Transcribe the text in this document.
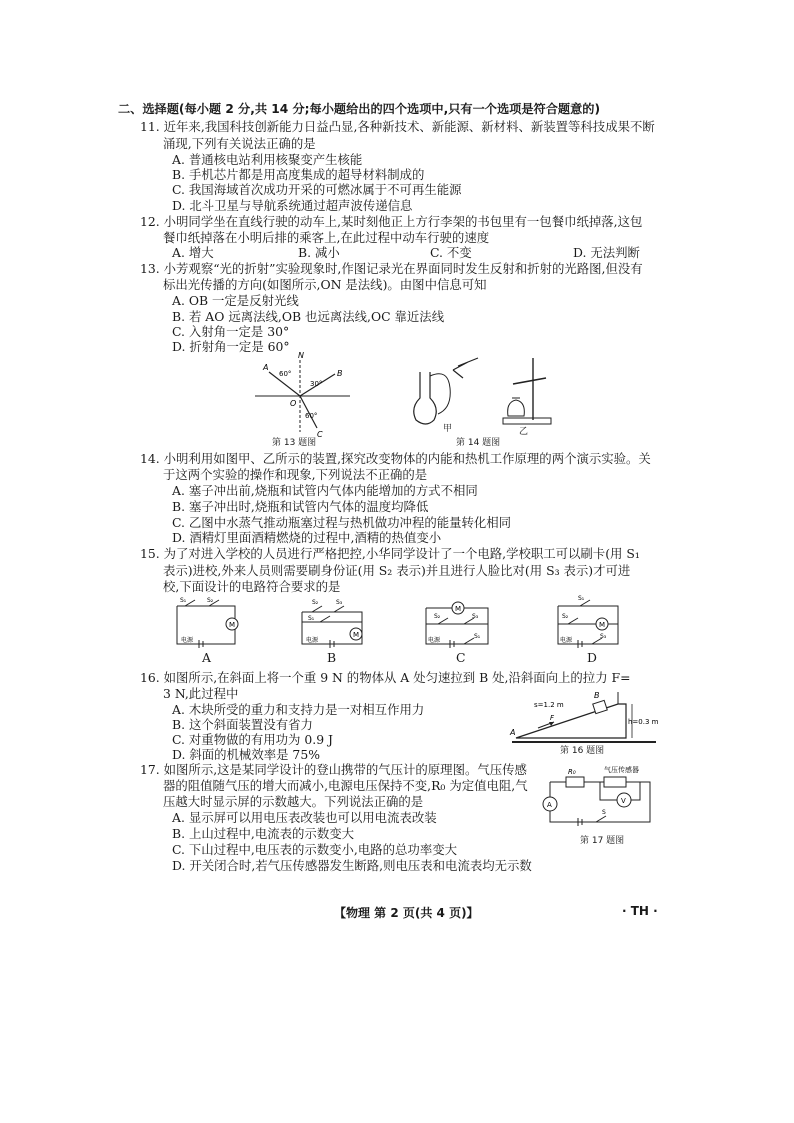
二、选择题(每小题 2 分,共 14 分;每小题给出的四个选项中,只有一个选项是符合题意的)
11. 近年来,我国科技创新能力日益凸显,各种新技术、新能源、新材料、新装置等科技成果不断
涌现,下列有关说法正确的是
A. 普通核电站利用核聚变产生核能
B. 手机芯片都是用高度集成的超导材料制成的
C. 我国海域首次成功开采的可燃冰属于不可再生能源
D. 北斗卫星与导航系统通过超声波传递信息
12. 小明同学坐在直线行驶的动车上,某时刻他正上方行李架的书包里有一包餐巾纸掉落,这包
餐巾纸掉落在小明后排的乘客上,在此过程中动车行驶的速度
A. 增大	B. 减小	C. 不变	D. 无法判断
13. 小芳观察“光的折射”实验现象时,作图记录光在界面同时发生反射和折射的光路图,但没有
标出光传播的方向(如图所示,ON 是法线)。由图中信息可知
A. OB 一定是反射光线
B. 若 AO 远离法线,OB 也远离法线,OC 靠近法线
C. 入射角一定是 30°
D. 折射角一定是 60°
N
A
B
O
C
60°
30°
60°
第 13 题图
甲	乙
第 14 题图
14. 小明利用如图甲、乙所示的装置,探究改变物体的内能和热机工作原理的两个演示实验。关
于这两个实验的操作和现象,下列说法不正确的是
A. 塞子冲出前,烧瓶和试管内气体内能增加的方式不相同
B. 塞子冲出时,烧瓶和试管内气体的温度均降低
C. 乙图中水蒸气推动瓶塞过程与热机做功冲程的能量转化相同
D. 酒精灯里面酒精燃烧的过程中,酒精的热值变小
15. 为了对进入学校的人员进行严格把控,小华同学设计了一个电路,学校职工可以刷卡(用 S₁
表示)进校,外来人员则需要刷身份证(用 S₂ 表示)并且进行人脸比对(用 S₃ 表示)才可进
校,下面设计的电路符合要求的是
M
S₁	S₂
电源
A
M
S₂	S₃
S₁
电源
B
M
S₂	S₃
S₁
电源
C
M
S₁
S₂
S₃
电源
D
16. 如图所示,在斜面上将一个重 9 N 的物体从 A 处匀速拉到 B 处,沿斜面向上的拉力 F=
3 N,此过程中
A. 木块所受的重力和支持力是一对相互作用力
B. 这个斜面装置没有省力
C. 对重物做的有用功为 0.9 J
D. 斜面的机械效率是 75%
A
B
F
s=1.2 m
h=0.3 m
第 16 题图
17. 如图所示,这是某同学设计的登山携带的气压计的原理图。气压传感
器的阻值随气压的增大而减小,电源电压保持不变,R₀ 为定值电阻,气
压越大时显示屏的示数越大。下列说法正确的是
A. 显示屏可以用电压表改装也可以用电流表改装
B. 上山过程中,电流表的示数变大
C. 下山过程中,电压表的示数变小,电路的总功率变大
D. 开关闭合时,若气压传感器发生断路,则电压表和电流表均无示数
R₀	气压传感器
A	V
S
第 17 题图
【物理 第 2 页(共 4 页)】	· TH ·
